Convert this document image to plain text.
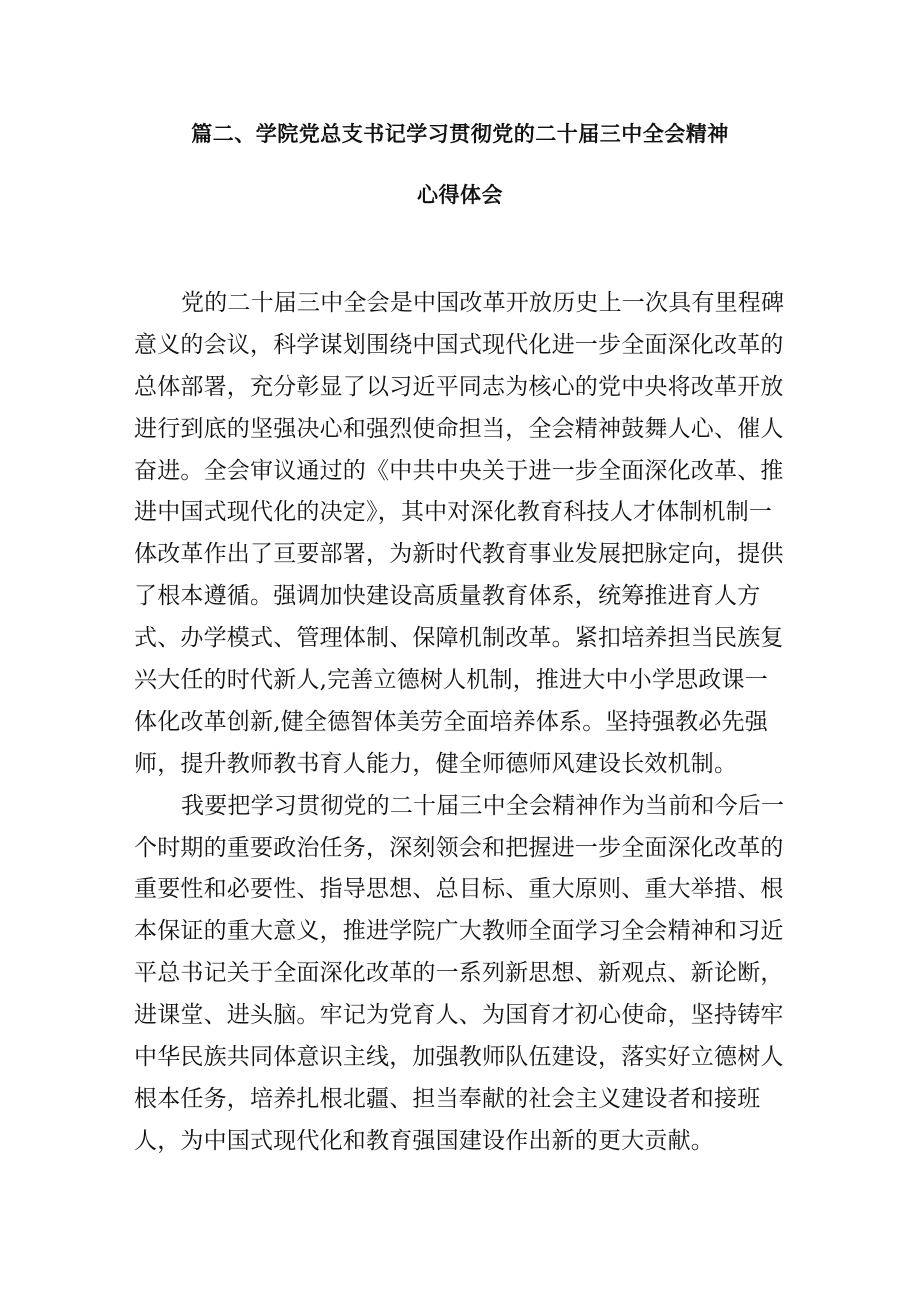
篇二、学院党总支书记学习贯彻党的二十届三中全会精神
心得体会
党的二十届三中全会是中国改革开放历史上一次具有里程碑
意义的会议，科学谋划围绕中国式现代化进一步全面深化改革的
总体部署，充分彰显了以习近平同志为核心的党中央将改革开放
进行到底的坚强决心和强烈使命担当，全会精神鼓舞人心、催人
奋进。全会审议通过的《中共中央关于进一步全面深化改革、推
进中国式现代化的决定》，其中对深化教育科技人才体制机制一
体改革作出了亘要部署，为新时代教育事业发展把脉定向，提供
了根本遵循。强调加快建设高质量教育体系，统筹推进育人方
式、办学模式、管理体制、保障机制改革。紧扣培养担当民族复
兴大任的时代新人,完善立德树人机制，推进大中小学思政课一
体化改革创新,健全德智体美劳全面培养体系。坚持强教必先强
师，提升教师教书育人能力，健全师德师风建设长效机制。
我要把学习贯彻党的二十届三中全会精神作为当前和今后一
个时期的重要政治任务，深刻领会和把握进一步全面深化改革的
重要性和必要性、指导思想、总目标、重大原则、重大举措、根
本保证的重大意义，推进学院广大教师全面学习全会精神和习近
平总书记关于全面深化改革的一系列新思想、新观点、新论断，
进课堂、进头脑。牢记为党育人、为国育才初心使命，坚持铸牢
中华民族共同体意识主线，加强教师队伍建设，落实好立德树人
根本任务，培养扎根北疆、担当奉献的社会主义建设者和接班
人，为中国式现代化和教育强国建设作出新的更大贡献。
